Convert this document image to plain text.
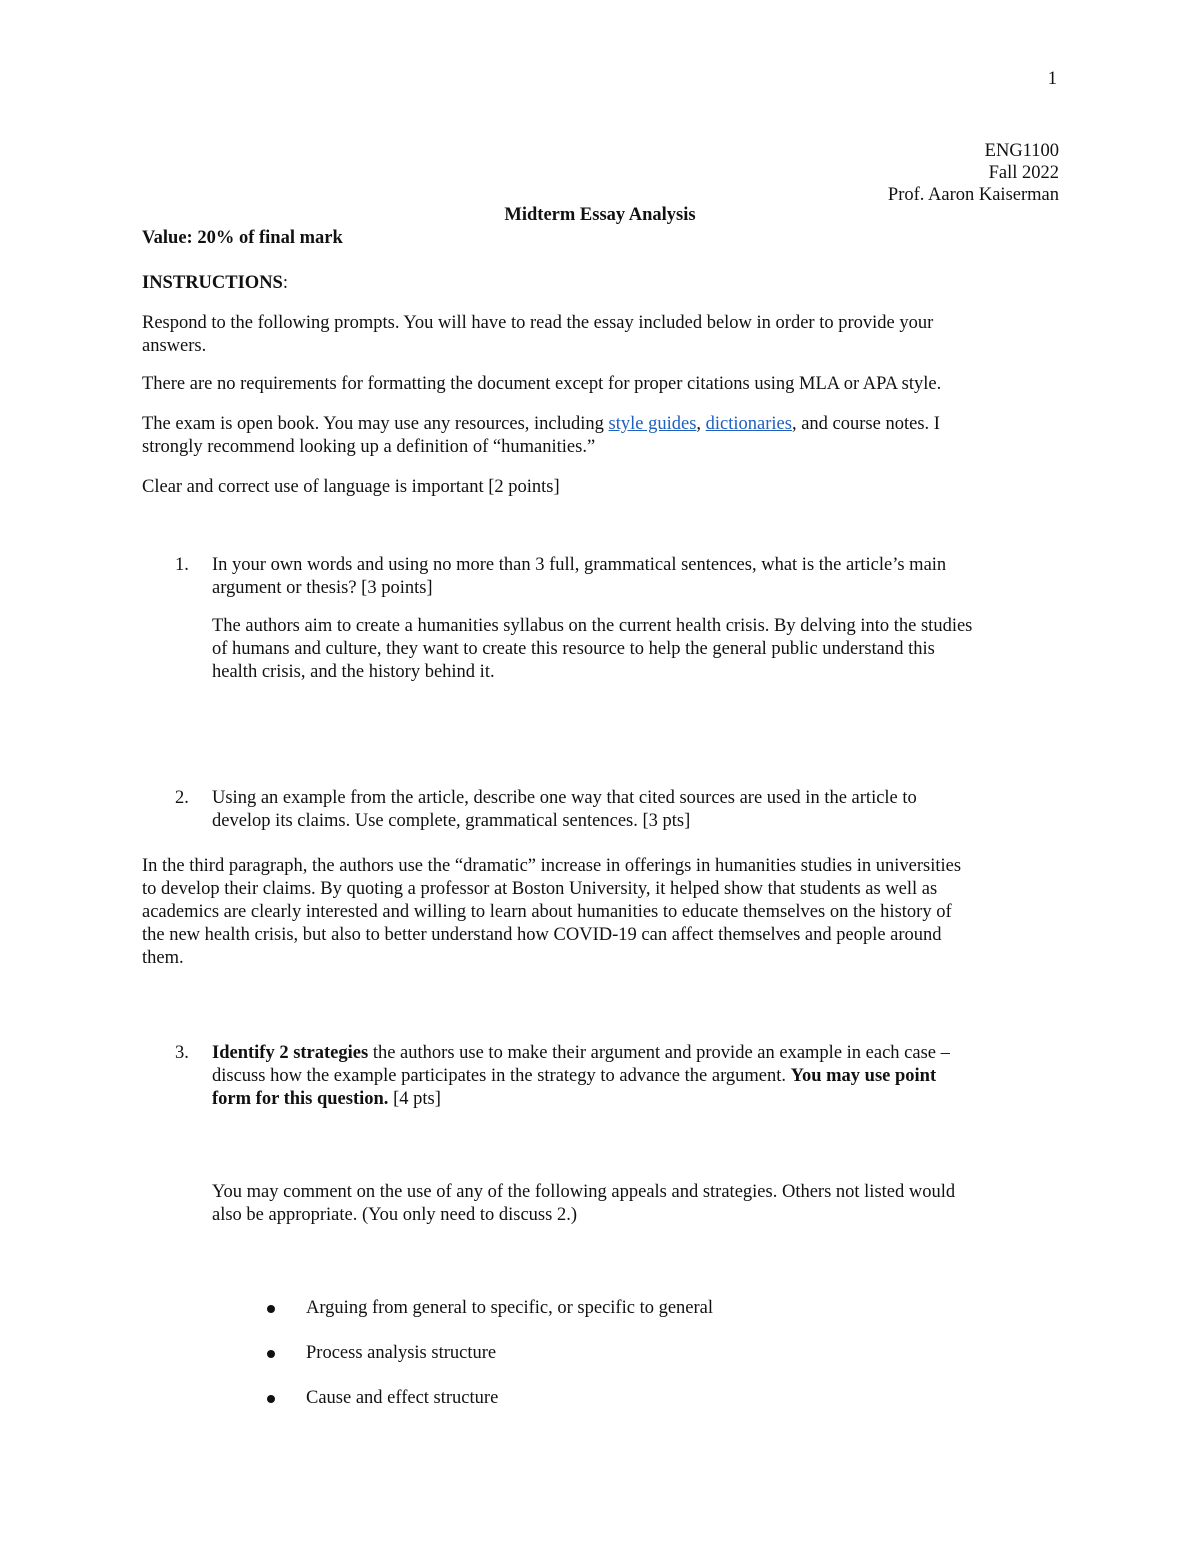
1
ENG1100
Fall 2022
Prof. Aaron Kaiserman
Midterm Essay Analysis
Value: 20% of final mark
INSTRUCTIONS:
Respond to the following prompts. You will have to read the essay included below in order to provide your
answers.
There are no requirements for formatting the document except for proper citations using MLA or APA style.
The exam is open book. You may use any resources, including style guides, dictionaries, and course notes. I
strongly recommend looking up a definition of “humanities.”
Clear and correct use of language is important [2 points]
1. In your own words and using no more than 3 full, grammatical sentences, what is the article’s main
argument or thesis? [3 points]
The authors aim to create a humanities syllabus on the current health crisis. By delving into the studies
of humans and culture, they want to create this resource to help the general public understand this
health crisis, and the history behind it.
2. Using an example from the article, describe one way that cited sources are used in the article to
develop its claims. Use complete, grammatical sentences. [3 pts]
In the third paragraph, the authors use the “dramatic” increase in offerings in humanities studies in universities
to develop their claims. By quoting a professor at Boston University, it helped show that students as well as
academics are clearly interested and willing to learn about humanities to educate themselves on the history of
the new health crisis, but also to better understand how COVID-19 can affect themselves and people around
them.
3. Identify 2 strategies the authors use to make their argument and provide an example in each case –
discuss how the example participates in the strategy to advance the argument. You may use point
form for this question. [4 pts]
You may comment on the use of any of the following appeals and strategies. Others not listed would
also be appropriate. (You only need to discuss 2.)
Arguing from general to specific, or specific to general
Process analysis structure
Cause and effect structure
